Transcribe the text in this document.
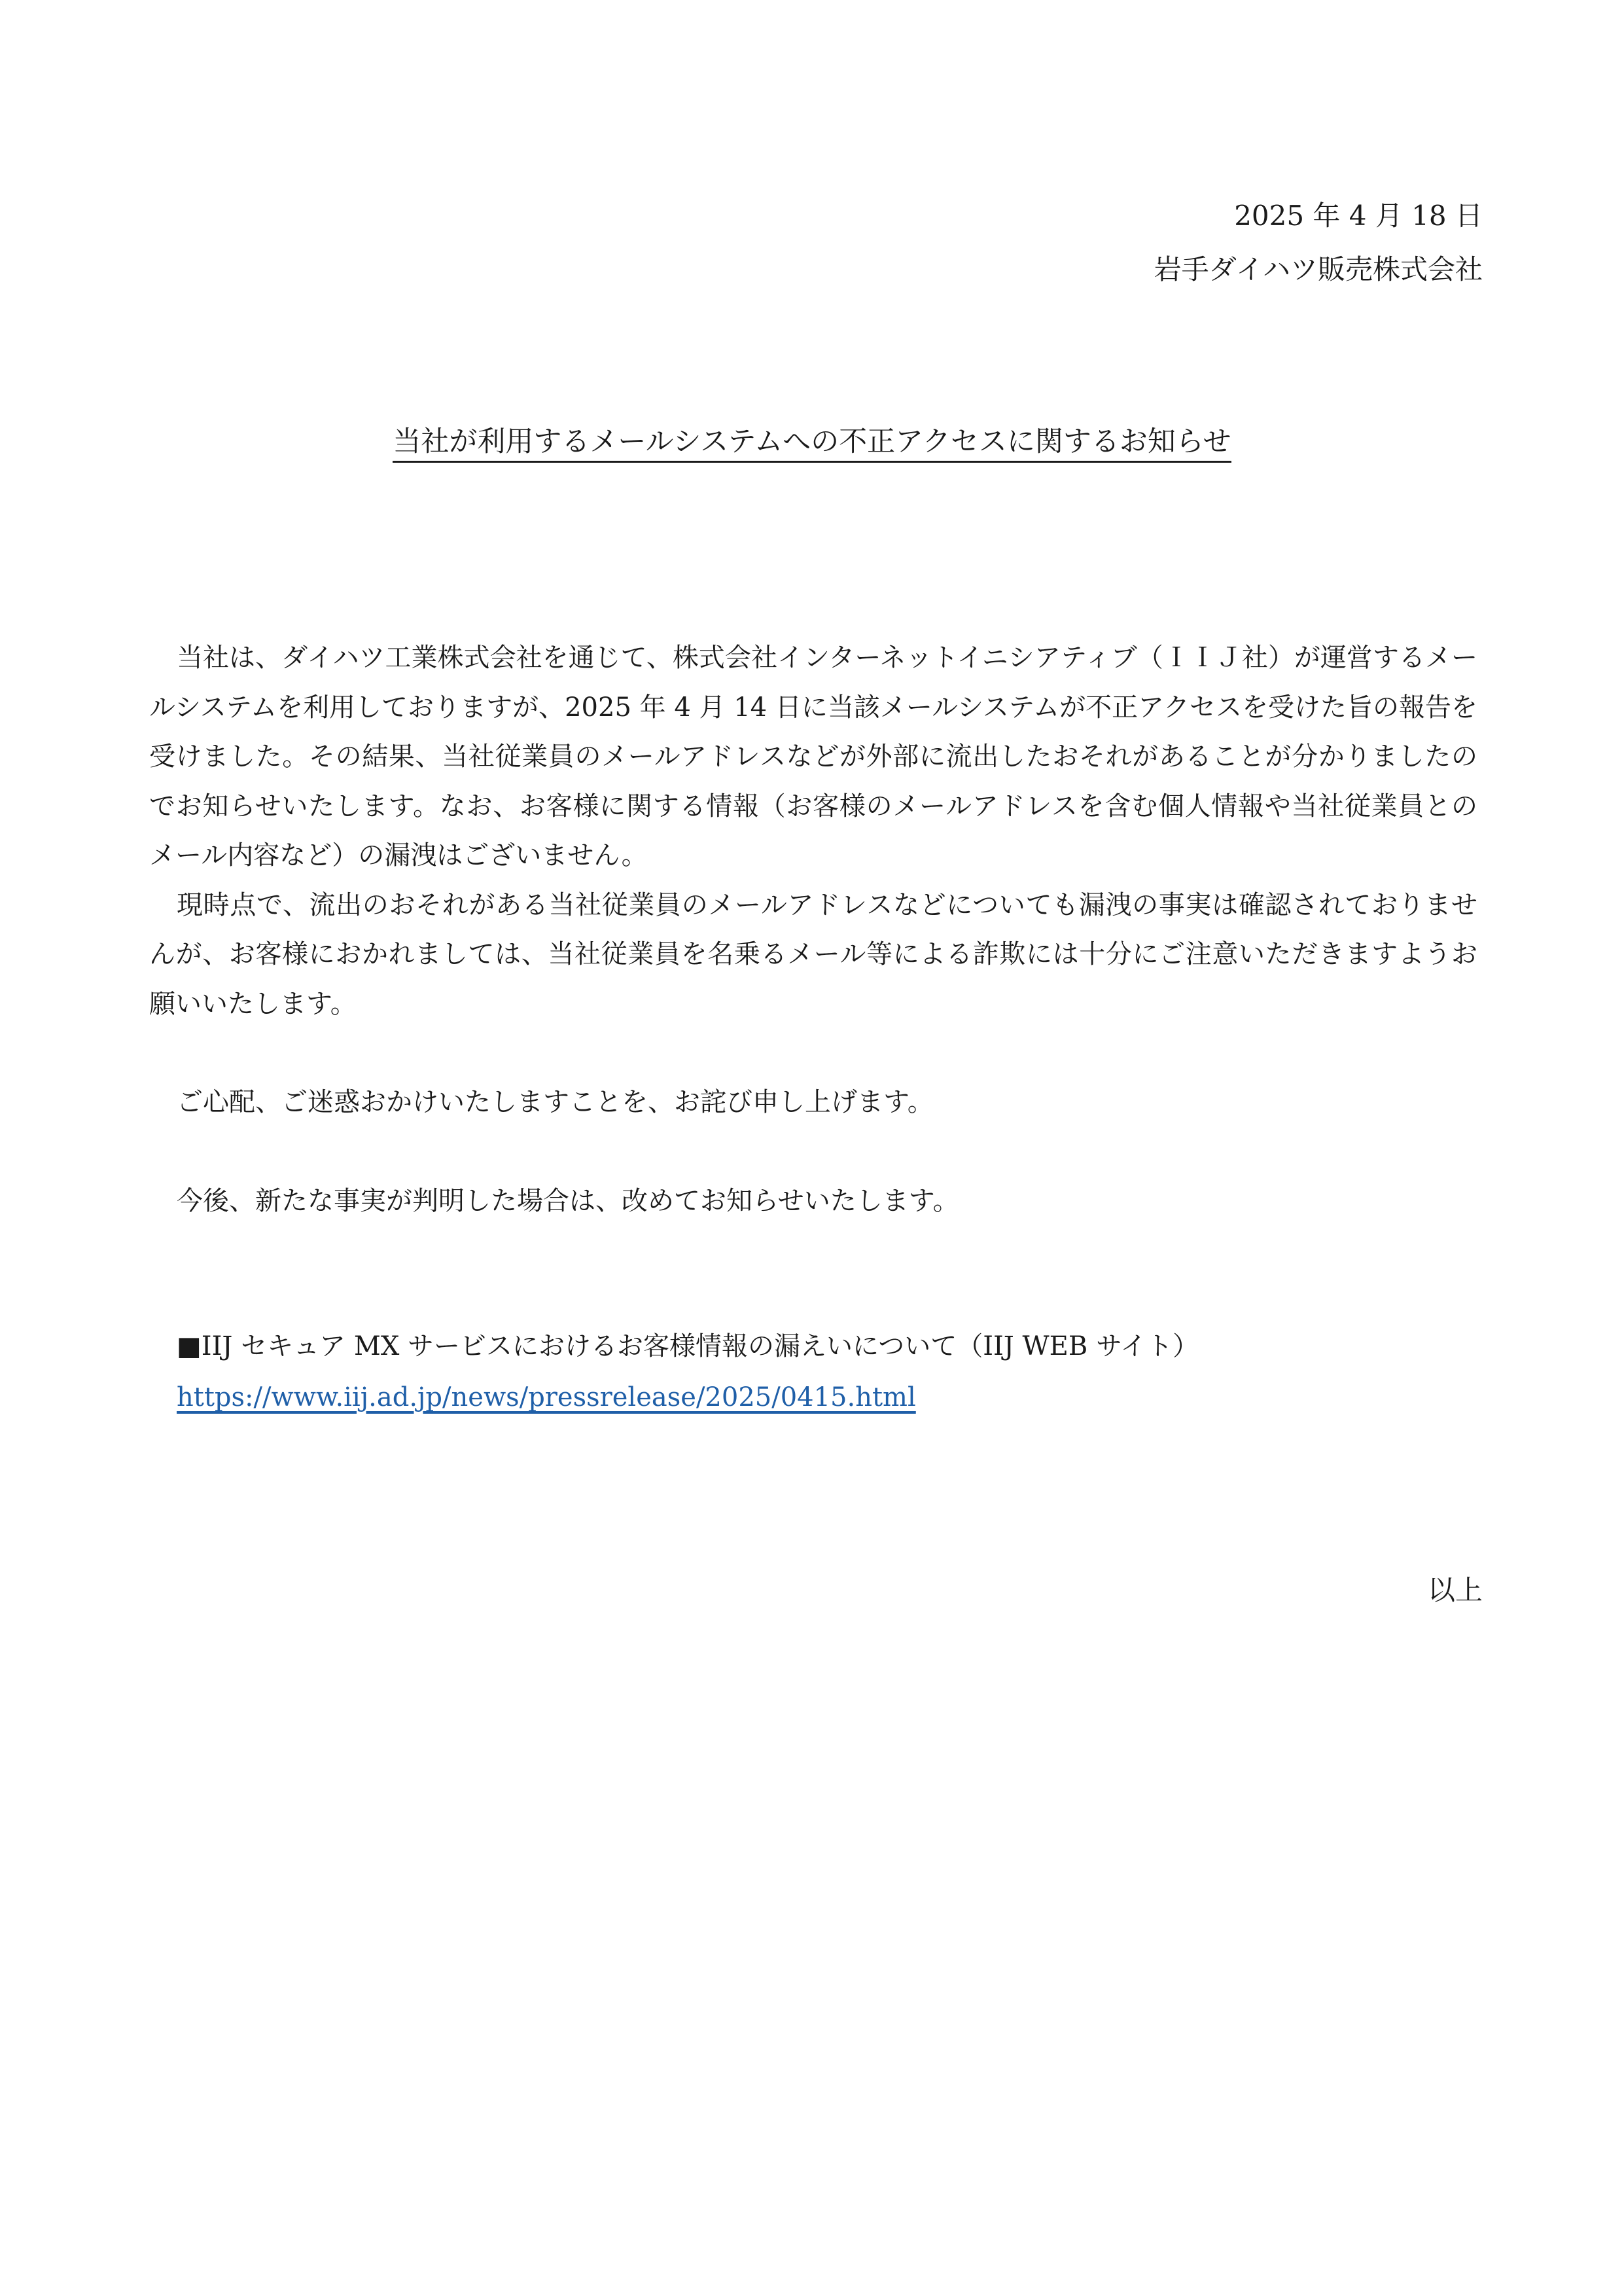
2025 年 4 月 18 日
岩手ダイハツ販売株式会社
当社が利用するメールシステムへの不正アクセスに関するお知らせ

当社は、ダイハツ工業株式会社を通じて、株式会社インターネットイニシアティブ（ＩＩＪ社）が運営するメールシステムを利用しておりますが、2025 年 4 月 14 日に当該メールシステムが不正アクセスを受けた旨の報告を受けました。その結果、当社従業員のメールアドレスなどが外部に流出したおそれがあることが分かりましたのでお知らせいたします。なお、お客様に関する情報（お客様のメールアドレスを含む個人情報や当社従業員とのメール内容など）の漏洩はございません。

現時点で、流出のおそれがある当社従業員のメールアドレスなどについても漏洩の事実は確認されておりませんが、お客様におかれましては、当社従業員を名乗るメール等による詐欺には十分にご注意いただきますようお願いいたします。

ご心配、ご迷惑おかけいたしますことを、お詫び申し上げます。

今後、新たな事実が判明した場合は、改めてお知らせいたします。

■IIJ セキュア MX サービスにおけるお客様情報の漏えいについて（IIJ WEB サイト）
https://www.iij.ad.jp/news/pressrelease/2025/0415.html
以上
